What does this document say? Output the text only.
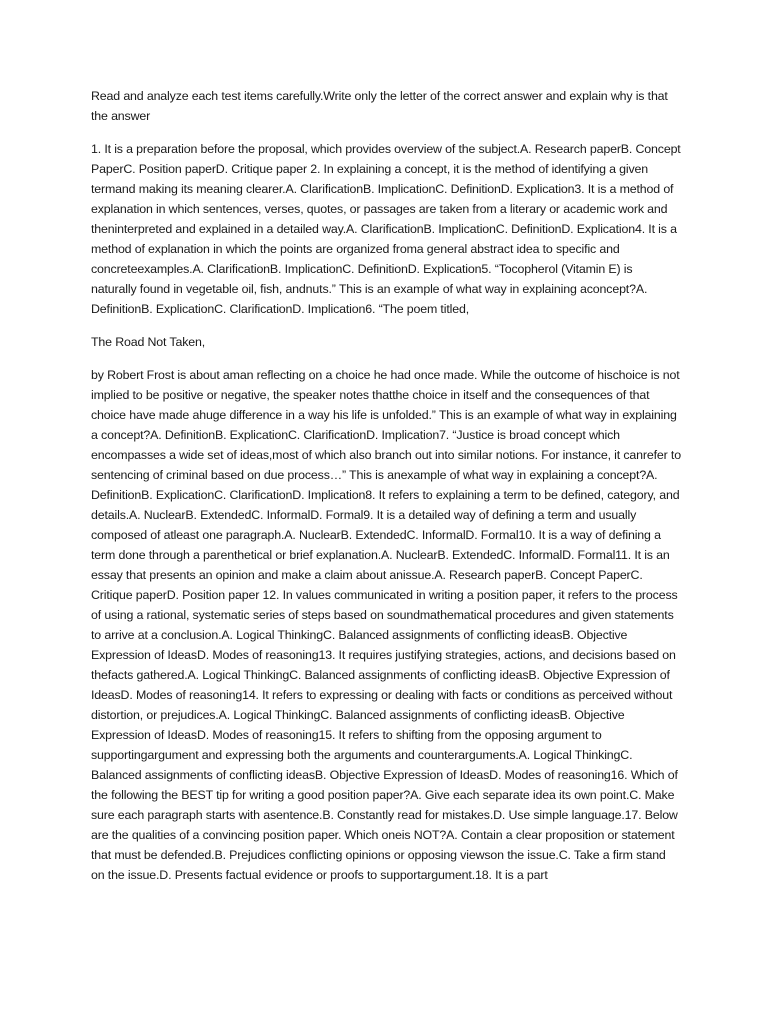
Read and analyze each test items carefully.Write only the letter of the correct answer and explain why is that the answer

1. It is a preparation before the proposal, which provides overview of the subject.A. Research paperB. Concept PaperC. Position paperD. Critique paper 2. In explaining a concept, it is the method of identifying a given termand making its meaning clearer.A. ClarificationB. ImplicationC. DefinitionD. Explication3. It is a method of explanation in which sentences, verses, quotes, or passages are taken from a literary or academic work and theninterpreted and explained in a detailed way.A. ClarificationB. ImplicationC. DefinitionD. Explication4. It is a method of explanation in which the points are organized froma general abstract idea to specific and concreteexamples.A. ClarificationB. ImplicationC. DefinitionD. Explication5. “Tocopherol (Vitamin E) is naturally found in vegetable oil, fish, andnuts.” This is an example of what way in explaining aconcept?A. DefinitionB. ExplicationC. ClarificationD. Implication6. “The poem titled,

The Road Not Taken,

by Robert Frost is about aman reflecting on a choice he had once made. While the outcome of hischoice is not implied to be positive or negative, the speaker notes thatthe choice in itself and the consequences of that choice have made ahuge difference in a way his life is unfolded.” This is an example of what way in explaining a concept?A. DefinitionB. ExplicationC. ClarificationD. Implication7. “Justice is broad concept which encompasses a wide set of ideas,most of which also branch out into similar notions. For instance, it canrefer to sentencing of criminal based on due process…” This is anexample of what way in explaining a concept?A. DefinitionB. ExplicationC. ClarificationD. Implication8. It refers to explaining a term to be defined, category, and details.A. NuclearB. ExtendedC. InformalD. Formal9. It is a detailed way of defining a term and usually composed of atleast one paragraph.A. NuclearB. ExtendedC. InformalD. Formal10. It is a way of defining a term done through a parenthetical or brief explanation.A. NuclearB. ExtendedC. InformalD. Formal11. It is an essay that presents an opinion and make a claim about anissue.A. Research paperB. Concept PaperC. Critique paperD. Position paper 12. In values communicated in writing a position paper, it refers to the process of using a rational, systematic series of steps based on soundmathematical procedures and given statements to arrive at a conclusion.A. Logical ThinkingC. Balanced assignments of conflicting ideasB. Objective Expression of IdeasD. Modes of reasoning13. It requires justifying strategies, actions, and decisions based on thefacts gathered.A. Logical ThinkingC. Balanced assignments of conflicting ideasB. Objective Expression of IdeasD. Modes of reasoning14. It refers to expressing or dealing with facts or conditions as perceived without distortion, or prejudices.A. Logical ThinkingC. Balanced assignments of conflicting ideasB. Objective Expression of IdeasD. Modes of reasoning15. It refers to shifting from the opposing argument to supportingargument and expressing both the arguments and counterarguments.A. Logical ThinkingC. Balanced assignments of conflicting ideasB. Objective Expression of IdeasD. Modes of reasoning16. Which of the following the BEST tip for writing a good position paper?A. Give each separate idea its own point.C. Make sure each paragraph starts with asentence.B. Constantly read for mistakes.D. Use simple language.17. Below are the qualities of a convincing position paper. Which oneis NOT?A. Contain a clear proposition or statement that must be defended.B. Prejudices conflicting opinions or opposing viewson the issue.C. Take a firm stand on the issue.D. Presents factual evidence or proofs to supportargument.18. It is a part
